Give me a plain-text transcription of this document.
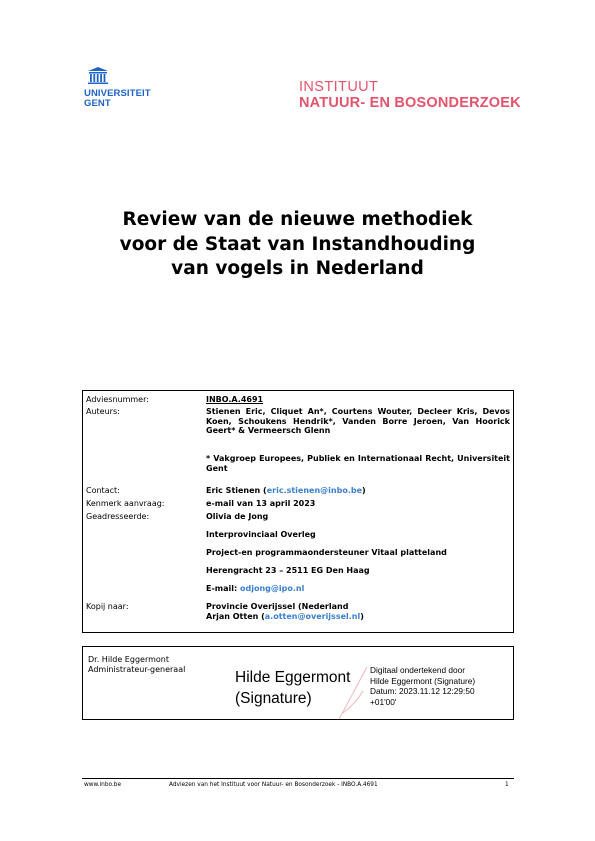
UNIVERSITEIT
GENT
INSTITUUT
NATUUR- EN BOSONDERZOEK
Review van de nieuwe methodiek
voor de Staat van Instandhouding
van vogels in Nederland
Adviesnummer:	INBO.A.4691
Auteurs:	Stienen Eric, Cliquet An*, Courtens Wouter, Decleer Kris, Devos Koen, Schoukens Hendrik*, Vanden Borre Jeroen, Van Hoorick Geert* & Vermeersch Glenn
* Vakgroep Europees, Publiek en Internationaal Recht, Universiteit Gent
Contact:	Eric Stienen (eric.stienen@inbo.be)
Kenmerk aanvraag:	e-mail van 13 april 2023
Geadresseerde:	Olivia de Jong
Interprovinciaal Overleg
Project-en programmaondersteuner Vitaal platteland
Herengracht 23 – 2511 EG Den Haag
E-mail: odjong@ipo.nl
Kopij naar:	Provincie Overijssel (Nederland
Arjan Otten (a.otten@overijssel.nl)
Dr. Hilde Eggermont
Administrateur-generaal	Hilde Eggermont
(Signature)
Digitaal ondertekend door
Hilde Eggermont (Signature)
Datum: 2023.11.12 12:29:50
+01'00'
www.inbo.be	Adviezen van het Instituut voor Natuur- en Bosonderzoek - INBO.A.4691	1
